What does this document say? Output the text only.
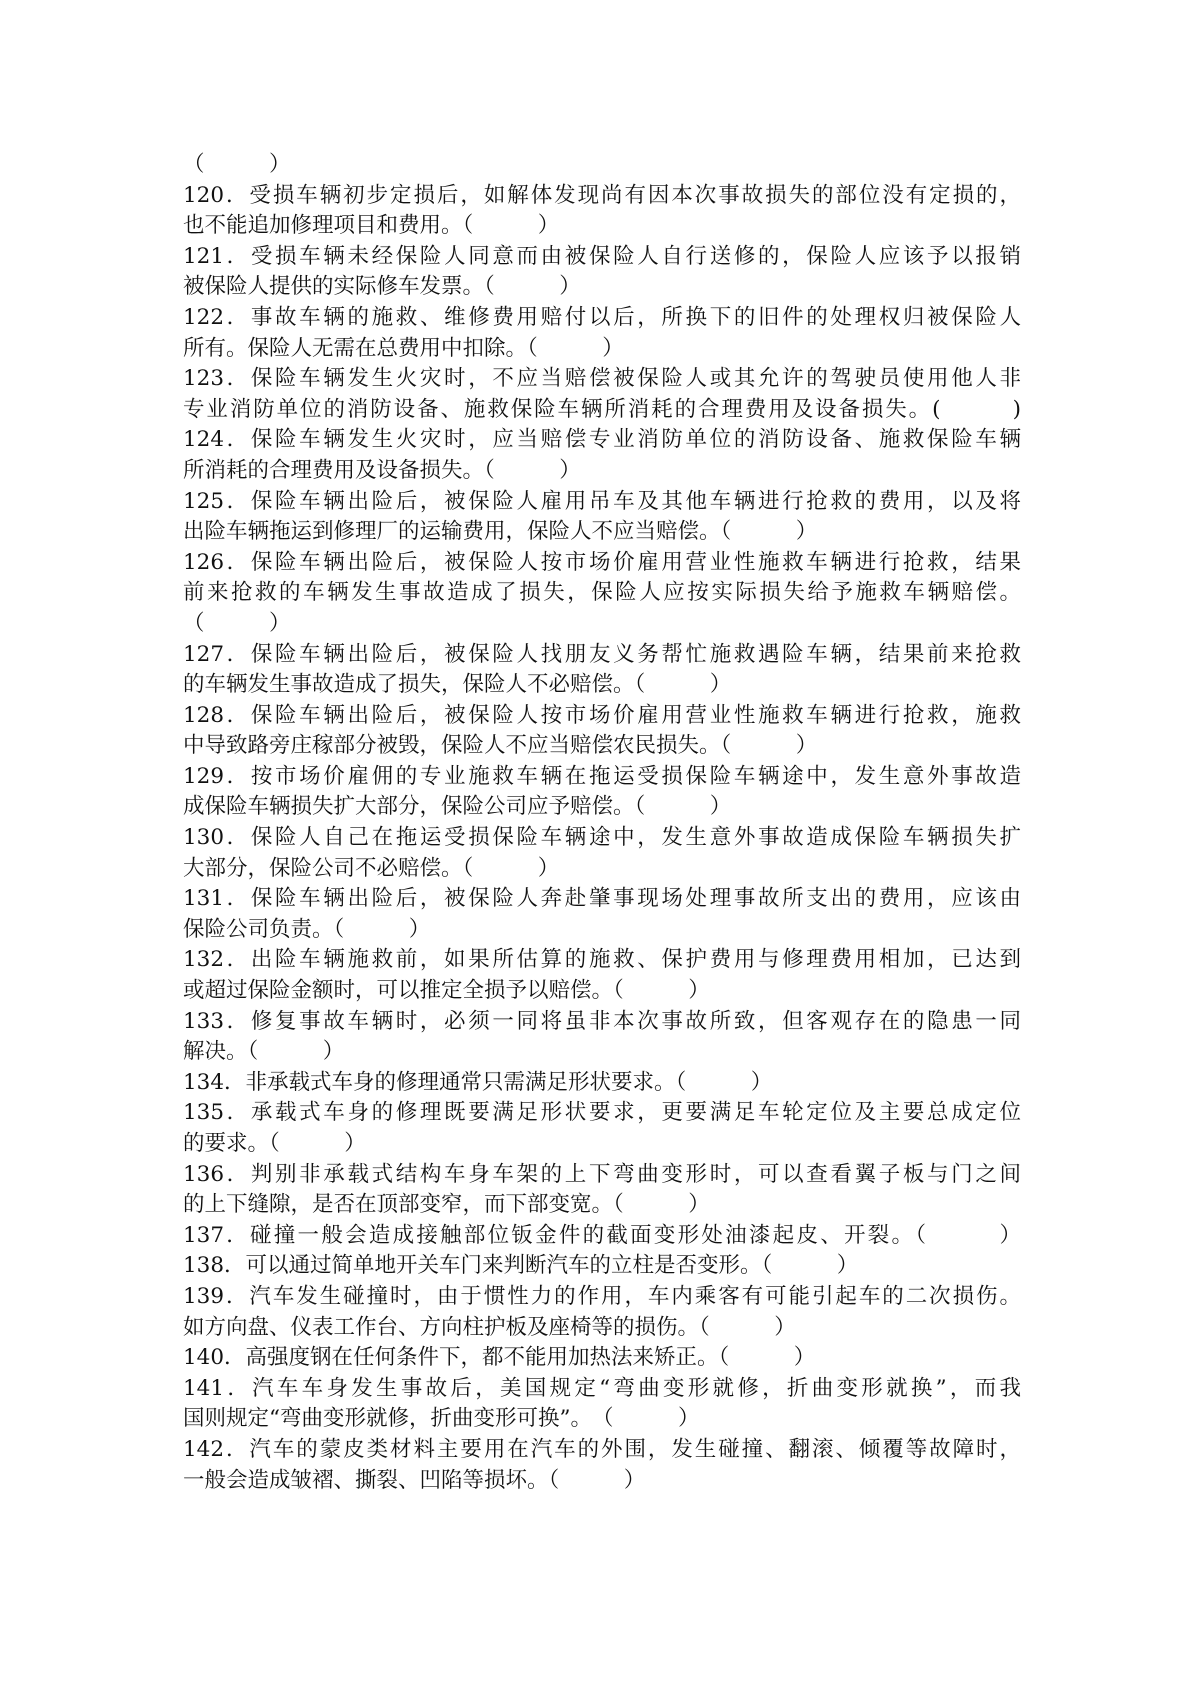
（　　　）
120．受损车辆初步定损后，如解体发现尚有因本次事故损失的部位没有定损的，
也不能追加修理项目和费用。（　　　）
121．受损车辆未经保险人同意而由被保险人自行送修的，保险人应该予以报销
被保险人提供的实际修车发票。（　　　）
122．事故车辆的施救、维修费用赔付以后，所换下的旧件的处理权归被保险人
所有。保险人无需在总费用中扣除。（　　　）
123．保险车辆发生火灾时，不应当赔偿被保险人或其允许的驾驶员使用他人非
专业消防单位的消防设备、施救保险车辆所消耗的合理费用及设备损失。(　　　)
124．保险车辆发生火灾时，应当赔偿专业消防单位的消防设备、施救保险车辆
所消耗的合理费用及设备损失。（　　　）
125．保险车辆出险后，被保险人雇用吊车及其他车辆进行抢救的费用，以及将
出险车辆拖运到修理厂的运输费用，保险人不应当赔偿。（　　　）
126．保险车辆出险后，被保险人按市场价雇用营业性施救车辆进行抢救，结果
前来抢救的车辆发生事故造成了损失，保险人应按实际损失给予施救车辆赔偿。
（　　　）
127．保险车辆出险后，被保险人找朋友义务帮忙施救遇险车辆，结果前来抢救
的车辆发生事故造成了损失，保险人不必赔偿。（　　　）
128．保险车辆出险后，被保险人按市场价雇用营业性施救车辆进行抢救，施救
中导致路旁庄稼部分被毁，保险人不应当赔偿农民损失。（　　　）
129．按市场价雇佣的专业施救车辆在拖运受损保险车辆途中，发生意外事故造
成保险车辆损失扩大部分，保险公司应予赔偿。（　　　）
130．保险人自己在拖运受损保险车辆途中，发生意外事故造成保险车辆损失扩
大部分，保险公司不必赔偿。（　　　）
131．保险车辆出险后，被保险人奔赴肇事现场处理事故所支出的费用，应该由
保险公司负责。（　　　）
132．出险车辆施救前，如果所估算的施救、保护费用与修理费用相加，已达到
或超过保险金额时，可以推定全损予以赔偿。（　　　）
133．修复事故车辆时，必须一同将虽非本次事故所致，但客观存在的隐患一同
解决。（　　　）
134．非承载式车身的修理通常只需满足形状要求。（　　　）
135．承载式车身的修理既要满足形状要求，更要满足车轮定位及主要总成定位
的要求。（　　　）
136．判别非承载式结构车身车架的上下弯曲变形时，可以查看翼子板与门之间
的上下缝隙，是否在顶部变窄，而下部变宽。（　　　）
137．碰撞一般会造成接触部位钣金件的截面变形处油漆起皮、开裂。（　　　）
138．可以通过简单地开关车门来判断汽车的立柱是否变形。（　　　）
139．汽车发生碰撞时，由于惯性力的作用，车内乘客有可能引起车的二次损伤。
如方向盘、仪表工作台、方向柱护板及座椅等的损伤。（　　　）
140．高强度钢在任何条件下，都不能用加热法来矫正。（　　　）
141．汽车车身发生事故后，美国规定“弯曲变形就修，折曲变形就换”，而我
国则规定“弯曲变形就修，折曲变形可换”。　（　　　）
142．汽车的蒙皮类材料主要用在汽车的外围，发生碰撞、翻滚、倾覆等故障时，
一般会造成皱褶、撕裂、凹陷等损坏。（　　　）
